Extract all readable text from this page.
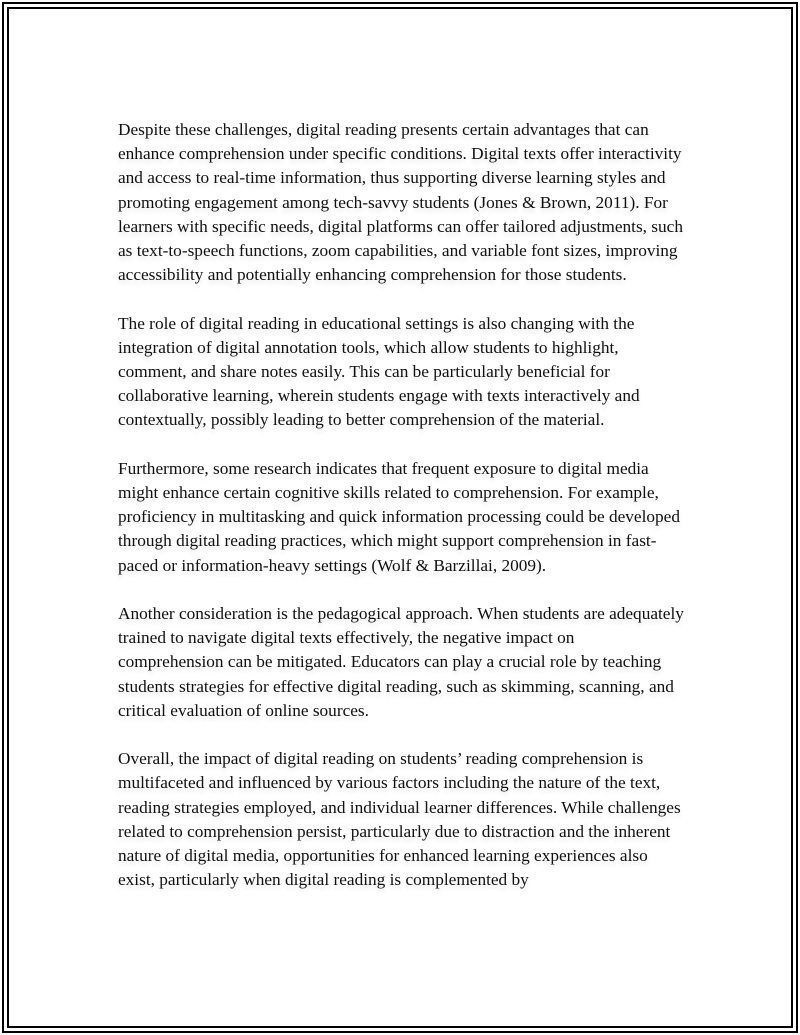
Despite these challenges, digital reading presents certain advantages that can enhance comprehension under specific conditions. Digital texts offer interactivity and access to real-time information, thus supporting diverse learning styles and promoting engagement among tech-savvy students (Jones & Brown, 2011). For learners with specific needs, digital platforms can offer tailored adjustments, such as text-to-speech functions, zoom capabilities, and variable font sizes, improving accessibility and potentially enhancing comprehension for those students.

The role of digital reading in educational settings is also changing with the integration of digital annotation tools, which allow students to highlight, comment, and share notes easily. This can be particularly beneficial for collaborative learning, wherein students engage with texts interactively and contextually, possibly leading to better comprehension of the material.

Furthermore, some research indicates that frequent exposure to digital media might enhance certain cognitive skills related to comprehension. For example, proficiency in multitasking and quick information processing could be developed through digital reading practices, which might support comprehension in fast-paced or information-heavy settings (Wolf & Barzillai, 2009).

Another consideration is the pedagogical approach. When students are adequately trained to navigate digital texts effectively, the negative impact on comprehension can be mitigated. Educators can play a crucial role by teaching students strategies for effective digital reading, such as skimming, scanning, and critical evaluation of online sources.

Overall, the impact of digital reading on students’ reading comprehension is multifaceted and influenced by various factors including the nature of the text, reading strategies employed, and individual learner differences. While challenges related to comprehension persist, particularly due to distraction and the inherent nature of digital media, opportunities for enhanced learning experiences also exist, particularly when digital reading is complemented by
